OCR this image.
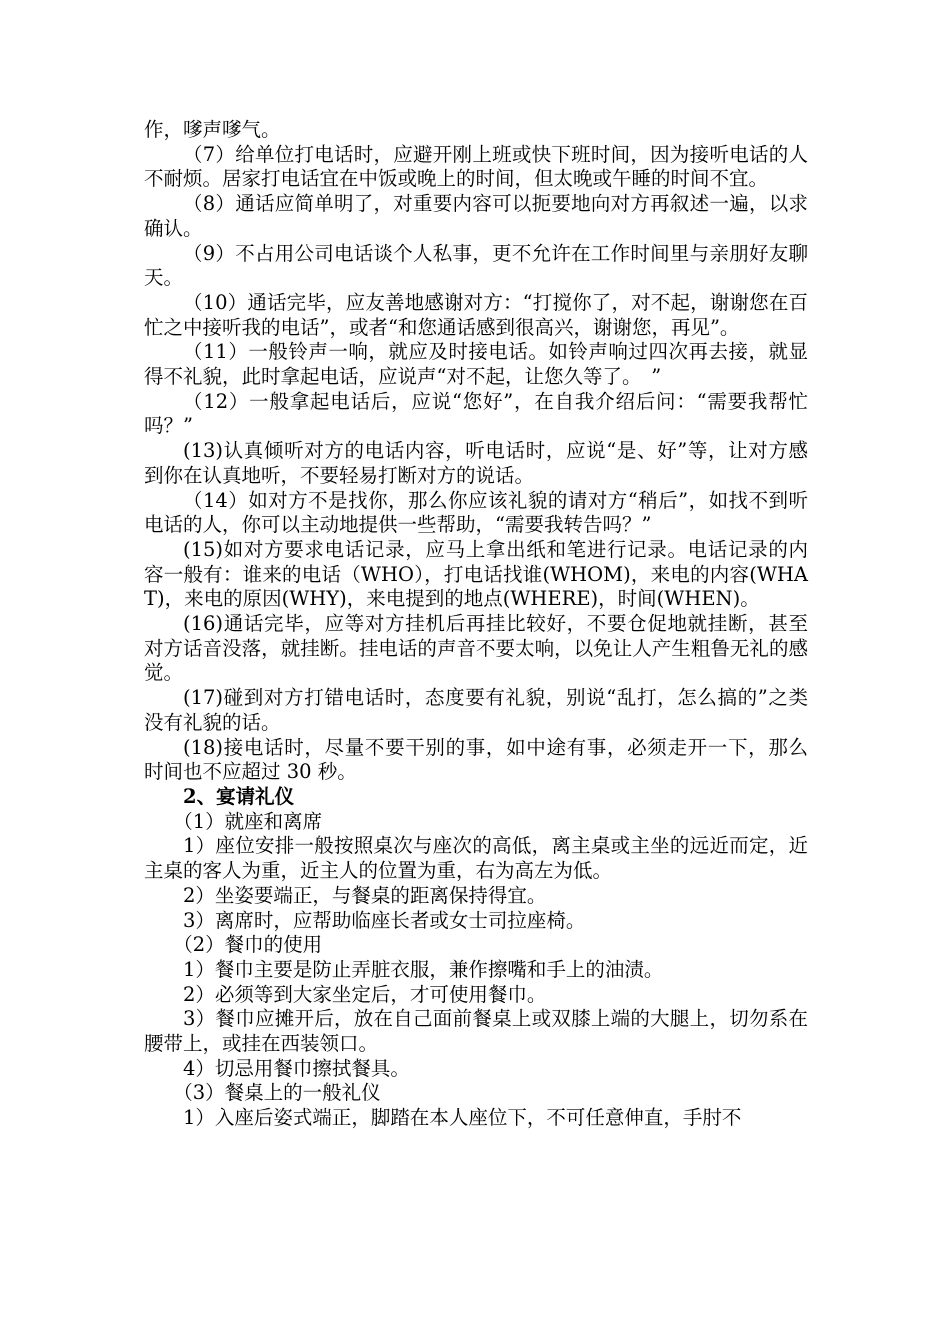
作，嗲声嗲气。

（7）给单位打电话时，应避开刚上班或快下班时间，因为接听电话的人不耐烦。居家打电话宜在中饭或晚上的时间，但太晚或午睡的时间不宜。

（8）通话应简单明了，对重要内容可以扼要地向对方再叙述一遍，以求确认。

（9）不占用公司电话谈个人私事，更不允许在工作时间里与亲朋好友聊天。

（10）通话完毕，应友善地感谢对方：“打搅你了，对不起，谢谢您在百忙之中接听我的电话”，或者“和您通话感到很高兴，谢谢您，再见”。

（11）一般铃声一响，就应及时接电话。如铃声响过四次再去接，就显得不礼貌，此时拿起电话，应说声“对不起，让您久等了。　”

（12）一般拿起电话后，应说“您好”，在自我介绍后问：“需要我帮忙吗？”

(13)认真倾听对方的电话内容，听电话时，应说“是、好”等，让对方感到你在认真地听，不要轻易打断对方的说话。

（14）如对方不是找你，那么你应该礼貌的请对方“稍后”，如找不到听电话的人，你可以主动地提供一些帮助，“需要我转告吗？”

(15)如对方要求电话记录，应马上拿出纸和笔进行记录。电话记录的内容一般有：谁来的电话（WHO），打电话找谁(WHOM)，来电的内容(WHAT)，来电的原因(WHY)，来电提到的地点(WHERE)，时间(WHEN)。

(16)通话完毕，应等对方挂机后再挂比较好，不要仓促地就挂断，甚至对方话音没落，就挂断。挂电话的声音不要太响，以免让人产生粗鲁无礼的感觉。

(17)碰到对方打错电话时，态度要有礼貌，别说“乱打，怎么搞的”之类没有礼貌的话。

(18)接电话时，尽量不要干别的事，如中途有事，必须走开一下，那么时间也不应超过 30 秒。

2、宴请礼仪

（1）就座和离席

1）座位安排一般按照桌次与座次的高低，离主桌或主坐的远近而定，近主桌的客人为重，近主人的位置为重，右为高左为低。

2）坐姿要端正，与餐桌的距离保持得宜。

3）离席时，应帮助临座长者或女士司拉座椅。

（2）餐巾的使用

1）餐巾主要是防止弄脏衣服，兼作擦嘴和手上的油渍。

2）必须等到大家坐定后，才可使用餐巾。

3）餐巾应摊开后，放在自己面前餐桌上或双膝上端的大腿上，切勿系在腰带上，或挂在西装领口。

4）切忌用餐巾擦拭餐具。

（3）餐桌上的一般礼仪

1）入座后姿式端正，脚踏在本人座位下，不可任意伸直，手肘不
